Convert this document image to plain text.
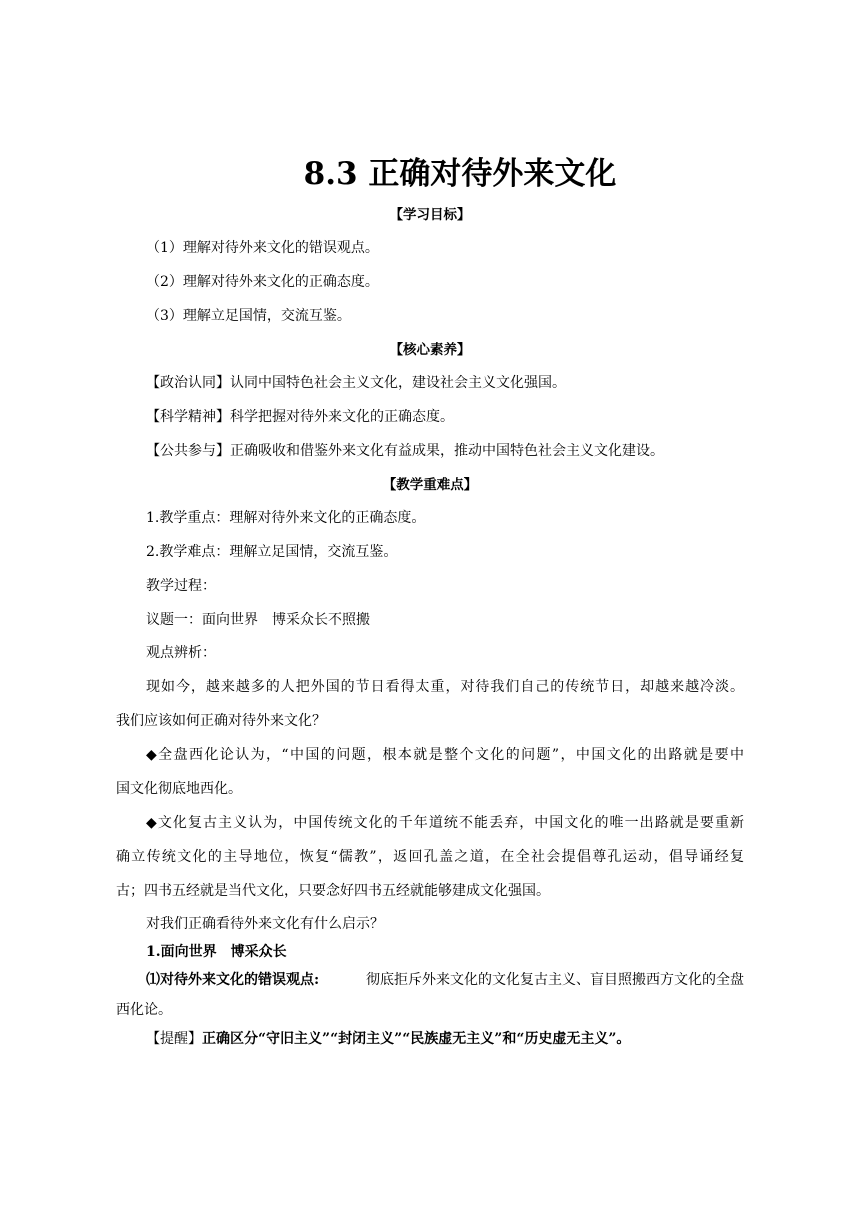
8.3 正确对待外来文化
【学习目标】
（1）理解对待外来文化的错误观点。
（2）理解对待外来文化的正确态度。
（3）理解立足国情，交流互鉴。
【核心素养】
【政治认同】认同中国特色社会主义文化，建设社会主义文化强国。
【科学精神】科学把握对待外来文化的正确态度。
【公共参与】正确吸收和借鉴外来文化有益成果，推动中国特色社会主义文化建设。
【教学重难点】
1.教学重点：理解对待外来文化的正确态度。
2.教学难点：理解立足国情，交流互鉴。
教学过程：
议题一：面向世界　博采众长不照搬
观点辨析：
现如今，越来越多的人把外国的节日看得太重，对待我们自己的传统节日，却越来越冷淡。
我们应该如何正确对待外来文化？
◆全盘西化论认为，“中国的问题，根本就是整个文化的问题”，中国文化的出路就是要中
国文化彻底地西化。
◆文化复古主义认为，中国传统文化的千年道统不能丢弃，中国文化的唯一出路就是要重新
确立传统文化的主导地位，恢复“儒教”，返回孔盖之道，在全社会提倡尊孔运动，倡导诵经复
古；四书五经就是当代文化，只要念好四书五经就能够建成文化强国。
对我们正确看待外来文化有什么启示？
1.面向世界　博采众长
⑴对待外来文化的错误观点:	彻底拒斥外来文化的文化复古主义、盲目照搬西方文化的全盘
西化论。
【提醒】正确区分“守旧主义”“封闭主义”“民族虚无主义”和“历史虚无主义”。
